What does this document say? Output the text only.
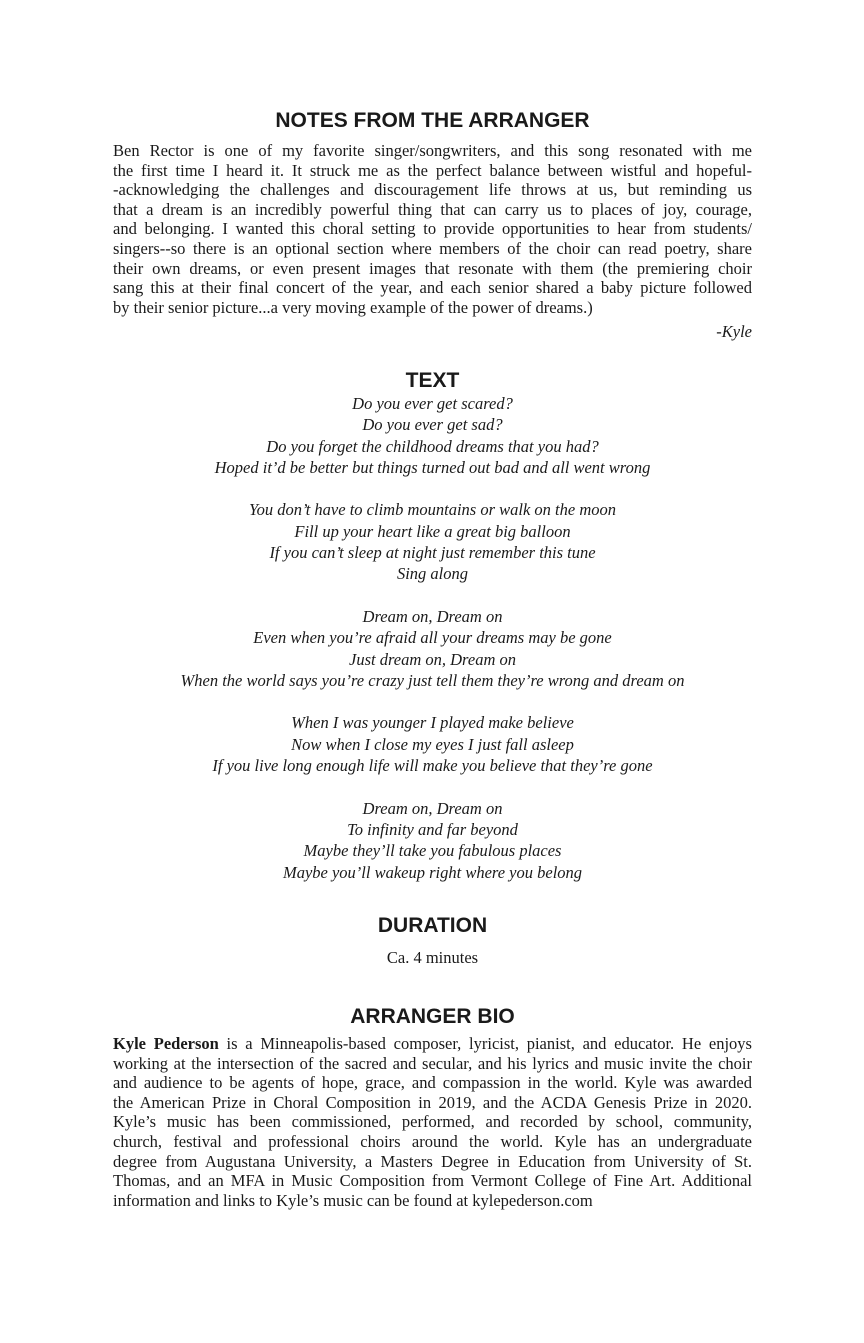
NOTES FROM THE ARRANGER
Ben Rector is one of my favorite singer/songwriters, and this song resonated with me
the first time I heard it. It struck me as the perfect balance between wistful and hopeful-
-acknowledging the challenges and discouragement life throws at us, but reminding us
that a dream is an incredibly powerful thing that can carry us to places of joy, courage,
and belonging. I wanted this choral setting to provide opportunities to hear from students/
singers--so there is an optional section where members of the choir can read poetry, share
their own dreams, or even present images that resonate with them (the premiering choir
sang this at their final concert of the year, and each senior shared a baby picture followed
by their senior picture...a very moving example of the power of dreams.)

-Kyle

TEXT
Do you ever get scared?
Do you ever get sad?
Do you forget the childhood dreams that you had?
Hoped it’d be better but things turned out bad and all went wrong
You don’t have to climb mountains or walk on the moon
Fill up your heart like a great big balloon
If you can’t sleep at night just remember this tune
Sing along
Dream on, Dream on
Even when you’re afraid all your dreams may be gone
Just dream on, Dream on
When the world says you’re crazy just tell them they’re wrong and dream on
When I was younger I played make believe
Now when I close my eyes I just fall asleep
If you live long enough life will make you believe that they’re gone
Dream on, Dream on
To infinity and far beyond
Maybe they’ll take you fabulous places
Maybe you’ll wakeup right where you belong
DURATION

Ca. 4 minutes

ARRANGER BIO
Kyle Pederson is a Minneapolis-based composer, lyricist, pianist, and educator. He enjoys
working at the intersection of the sacred and secular, and his lyrics and music invite the choir
and audience to be agents of hope, grace, and compassion in the world. Kyle was awarded
the American Prize in Choral Composition in 2019, and the ACDA Genesis Prize in 2020.
Kyle’s music has been commissioned, performed, and recorded by school, community,
church, festival and professional choirs around the world. Kyle has an undergraduate
degree from Augustana University, a Masters Degree in Education from University of St.
Thomas, and an MFA in Music Composition from Vermont College of Fine Art. Additional
information and links to Kyle’s music can be found at kylepederson.com
